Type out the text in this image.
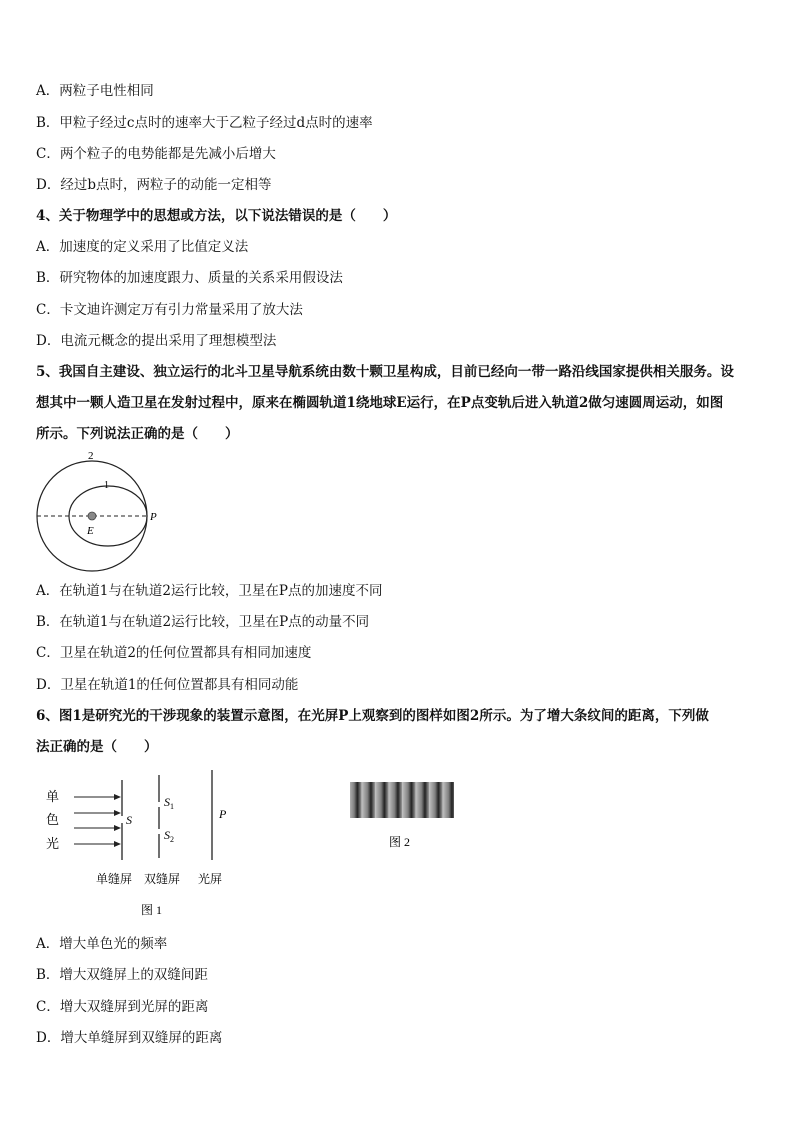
A．两粒子电性相同
B．甲粒子经过c点时的速率大于乙粒子经过d点时的速率
C．两个粒子的电势能都是先减小后增大
D．经过b点时，两粒子的动能一定相等
4、关于物理学中的思想或方法，以下说法错误的是（　　）
A．加速度的定义采用了比值定义法
B．研究物体的加速度跟力、质量的关系采用假设法
C．卡文迪许测定万有引力常量采用了放大法
D．电流元概念的提出采用了理想模型法
5、我国自主建设、独立运行的北斗卫星导航系统由数十颗卫星构成，目前已经向一带一路沿线国家提供相关服务。设
想其中一颗人造卫星在发射过程中，原来在椭圆轨道1绕地球E运行，在P点变轨后进入轨道2做匀速圆周运动，如图
所示。下列说法正确的是（　　）
2
1
E
P
A．在轨道1与在轨道2运行比较，卫星在P点的加速度不同
B．在轨道1与在轨道2运行比较，卫星在P点的动量不同
C．卫星在轨道2的任何位置都具有相同加速度
D．卫星在轨道1的任何位置都具有相同动能
6、图1是研究光的干涉现象的装置示意图，在光屏P上观察到的图样如图2所示。为了增大条纹间的距离，下列做
法正确的是（　　）
单
色
光
S
$S_1$
$S_2$
P
单缝屏 双缝屏 光屏
图 1
图 2
A．增大单色光的频率
B．增大双缝屏上的双缝间距
C．增大双缝屏到光屏的距离
D．增大单缝屏到双缝屏的距离
